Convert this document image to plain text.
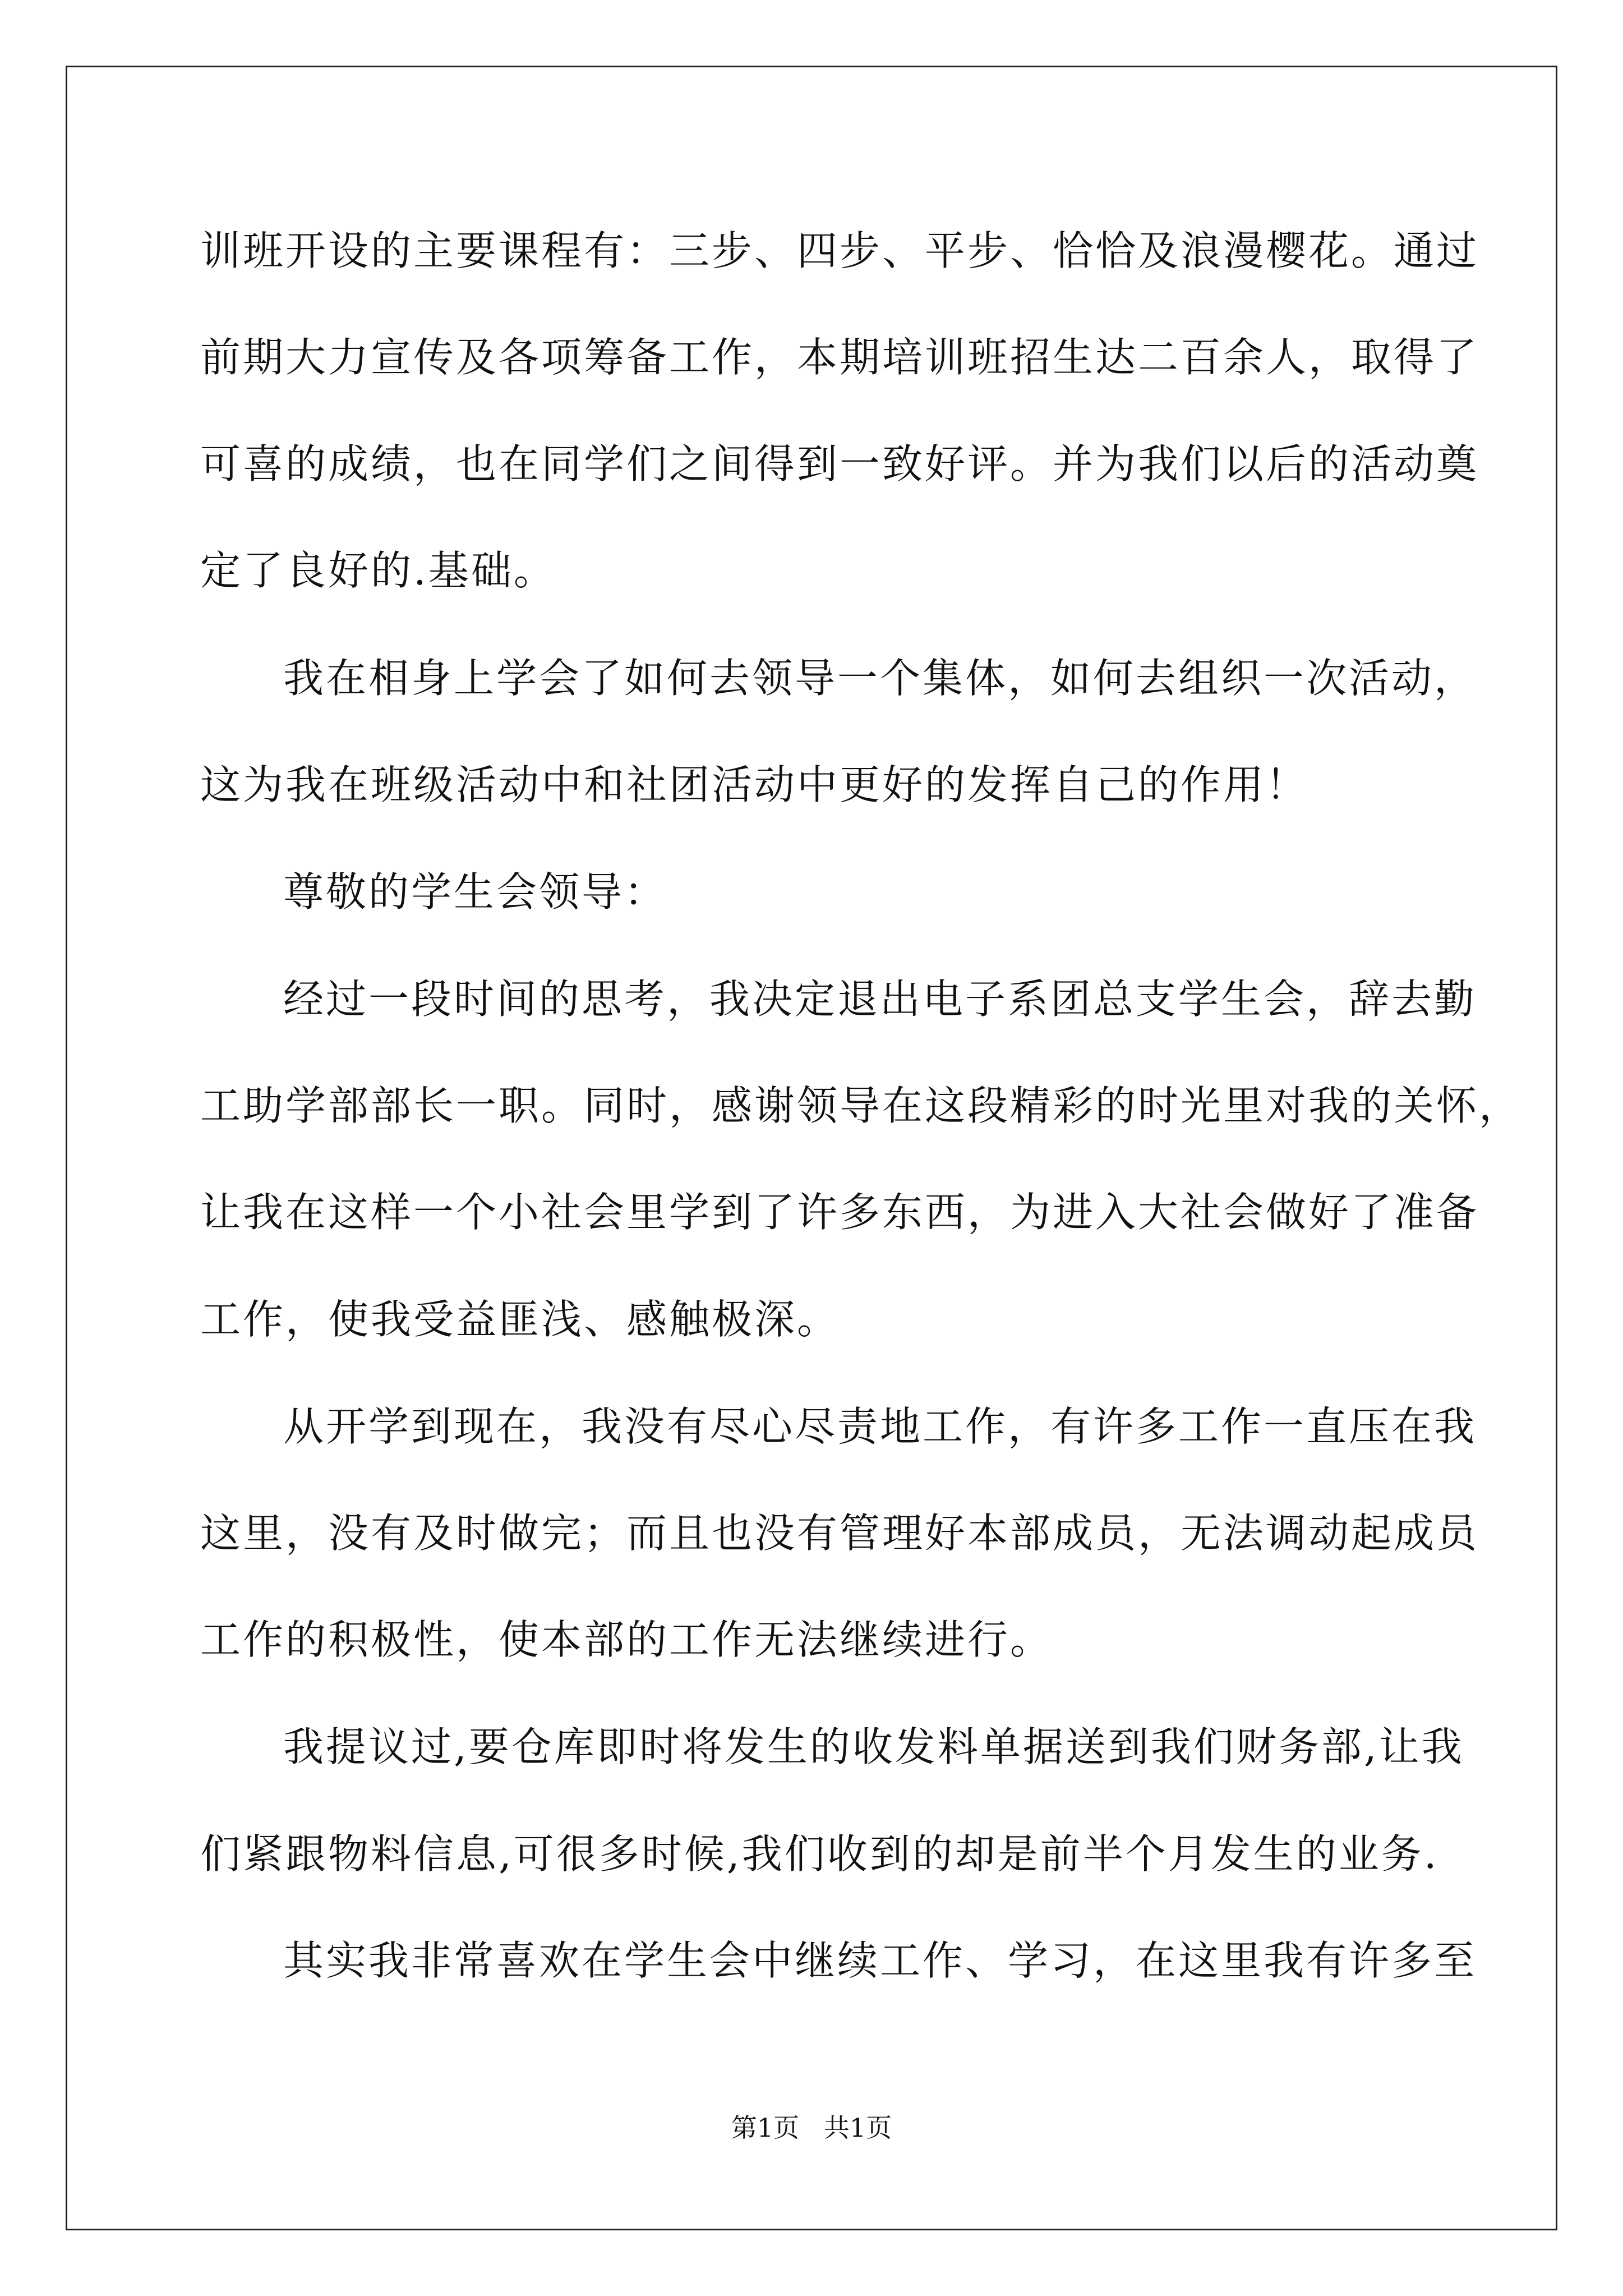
训班开设的主要课程有：三步、四步、平步、恰恰及浪漫樱花。通过
前期大力宣传及各项筹备工作，本期培训班招生达二百余人，取得了
可喜的成绩，也在同学们之间得到一致好评。并为我们以后的活动奠
定了良好的.基础。
我在相身上学会了如何去领导一个集体，如何去组织一次活动，
这为我在班级活动中和社团活动中更好的发挥自己的作用！
尊敬的学生会领导：
经过一段时间的思考，我决定退出电子系团总支学生会，辞去勤
工助学部部长一职。同时，感谢领导在这段精彩的时光里对我的关怀，
让我在这样一个小社会里学到了许多东西，为进入大社会做好了准备
工作，使我受益匪浅、感触极深。
从开学到现在，我没有尽心尽责地工作，有许多工作一直压在我
这里，没有及时做完；而且也没有管理好本部成员，无法调动起成员
工作的积极性，使本部的工作无法继续进行。
我提议过,要仓库即时将发生的收发料单据送到我们财务部,让我
们紧跟物料信息,可很多时候,我们收到的却是前半个月发生的业务.
其实我非常喜欢在学生会中继续工作、学习，在这里我有许多至
第1页   共1页
